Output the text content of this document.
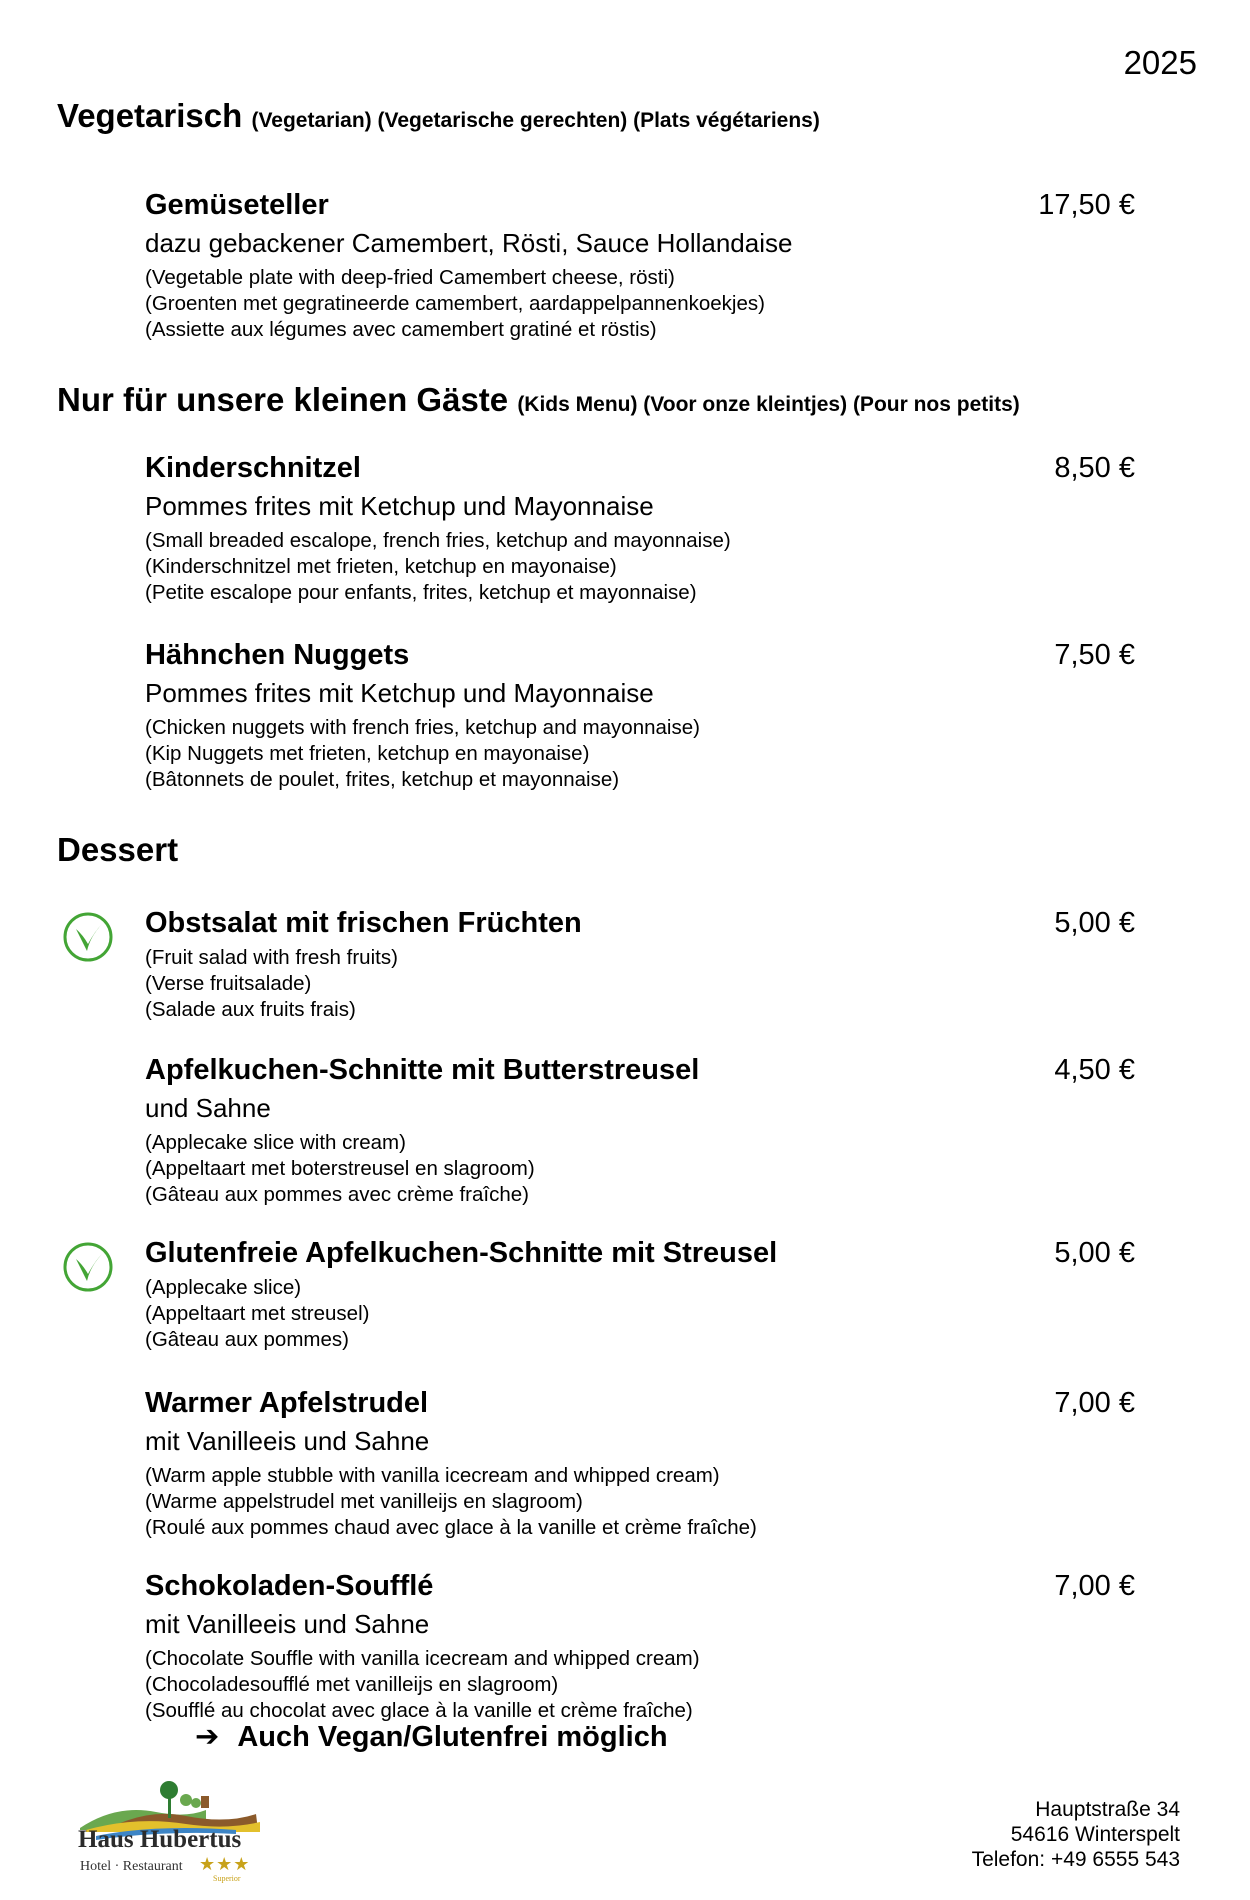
2025
Vegetarisch (Vegetarian) (Vegetarische gerechten) (Plats végétariens)
Gemüseteller	17,50 €
dazu gebackener Camembert, Rösti, Sauce Hollandaise
(Vegetable plate with deep-fried Camembert cheese, rösti)
(Groenten met gegratineerde camembert, aardappelpannenkoekjes)
(Assiette aux légumes avec camembert gratiné et röstis)
Nur für unsere kleinen Gäste (Kids Menu) (Voor onze kleintjes) (Pour nos petits)
Kinderschnitzel	8,50 €
Pommes frites mit Ketchup und Mayonnaise
(Small breaded escalope, french fries, ketchup and mayonnaise)
(Kinderschnitzel met frieten, ketchup en mayonaise)
(Petite escalope pour enfants, frites, ketchup et mayonnaise)
Hähnchen Nuggets	7,50 €
Pommes frites mit Ketchup und Mayonnaise
(Chicken nuggets with french fries, ketchup and mayonnaise)
(Kip Nuggets met frieten, ketchup en mayonaise)
(Bâtonnets de poulet, frites, ketchup et mayonnaise)
Dessert
Obstsalat mit frischen Früchten	5,00 €
(Fruit salad with fresh fruits)
(Verse fruitsalade)
(Salade aux fruits frais)
Apfelkuchen-Schnitte mit Butterstreusel	4,50 €
und Sahne
(Applecake slice with cream)
(Appeltaart met boterstreusel en slagroom)
(Gâteau aux pommes avec crème fraîche)
Glutenfreie Apfelkuchen-Schnitte mit Streusel	5,00 €
(Applecake slice)
(Appeltaart met streusel)
(Gâteau aux pommes)
Warmer Apfelstrudel	7,00 €
mit Vanilleeis und Sahne
(Warm apple stubble with vanilla icecream and whipped cream)
(Warme appelstrudel met vanilleijs en slagroom)
(Roulé aux pommes chaud avec glace à la vanille et crème fraîche)
Schokoladen-Soufflé	7,00 €
mit Vanilleeis und Sahne
(Chocolate Souffle with vanilla icecream and whipped cream)
(Chocoladesoufflé met vanilleijs en slagroom)
(Soufflé au chocolat avec glace à la vanille et crème fraîche)
➔ Auch Vegan/Glutenfrei möglich
Haus Hubertus
Hotel · Restaurant ★★★
Superior
Hauptstraße 34
54616 Winterspelt
Telefon: +49 6555 543
